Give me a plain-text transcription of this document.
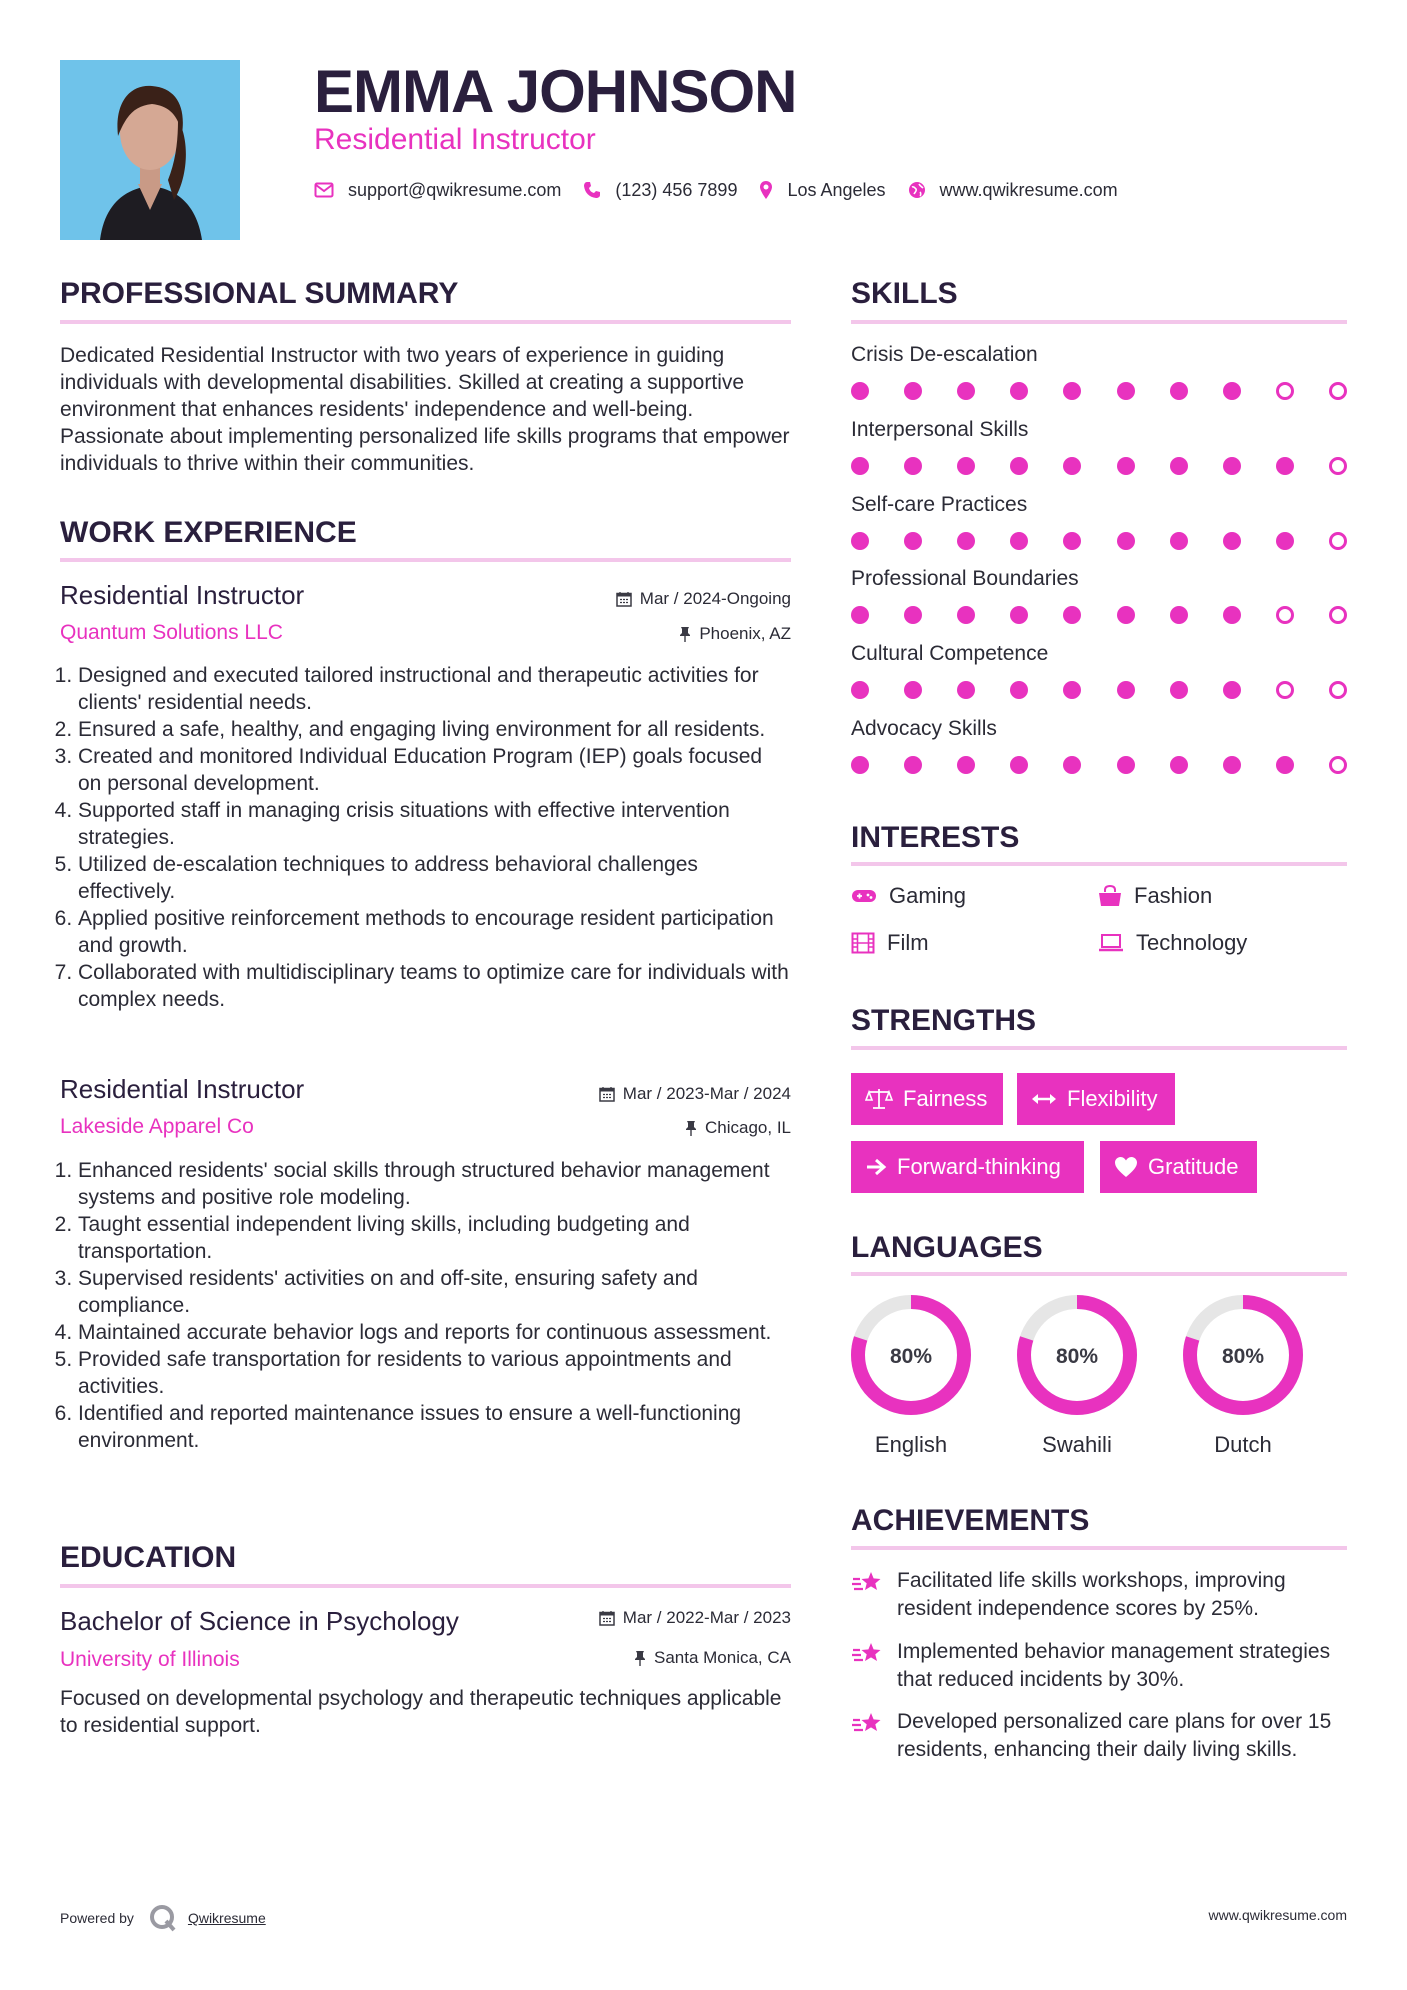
EMMA JOHNSON
Residential Instructor
support@qwikresume.com	(123) 456 7899	Los Angeles	www.qwikresume.com
PROFESSIONAL SUMMARY
Dedicated Residential Instructor with two years of experience in guiding individuals with developmental disabilities. Skilled at creating a supportive environment that enhances residents' independence and well-being. Passionate about implementing personalized life skills programs that empower individuals to thrive within their communities.
WORK EXPERIENCE
Residential Instructor	Mar / 2024-Ongoing
Quantum Solutions LLC	Phoenix, AZ
1. Designed and executed tailored instructional and therapeutic activities for clients' residential needs.
2. Ensured a safe, healthy, and engaging living environment for all residents.
3. Created and monitored Individual Education Program (IEP) goals focused on personal development.
4. Supported staff in managing crisis situations with effective intervention strategies.
5. Utilized de-escalation techniques to address behavioral challenges effectively.
6. Applied positive reinforcement methods to encourage resident participation and growth.
7. Collaborated with multidisciplinary teams to optimize care for individuals with complex needs.
Residential Instructor	Mar / 2023-Mar / 2024
Lakeside Apparel Co	Chicago, IL
1. Enhanced residents' social skills through structured behavior management systems and positive role modeling.
2. Taught essential independent living skills, including budgeting and transportation.
3. Supervised residents' activities on and off-site, ensuring safety and compliance.
4. Maintained accurate behavior logs and reports for continuous assessment.
5. Provided safe transportation for residents to various appointments and activities.
6. Identified and reported maintenance issues to ensure a well-functioning environment.
EDUCATION
Bachelor of Science in Psychology	Mar / 2022-Mar / 2023
University of Illinois	Santa Monica, CA
Focused on developmental psychology and therapeutic techniques applicable to residential support.
SKILLS
Crisis De-escalation
Interpersonal Skills
Self-care Practices
Professional Boundaries
Cultural Competence
Advocacy Skills
INTERESTS
Gaming	Fashion
Film	Technology
STRENGTHS
Fairness	Flexibility
Forward-thinking	Gratitude
LANGUAGES
80%
English
80%
Swahili
80%
Dutch
ACHIEVEMENTS
Facilitated life skills workshops, improving resident independence scores by 25%.
Implemented behavior management strategies that reduced incidents by 30%.
Developed personalized care plans for over 15 residents, enhancing their daily living skills.
Powered by	Qwikresume	www.qwikresume.com
